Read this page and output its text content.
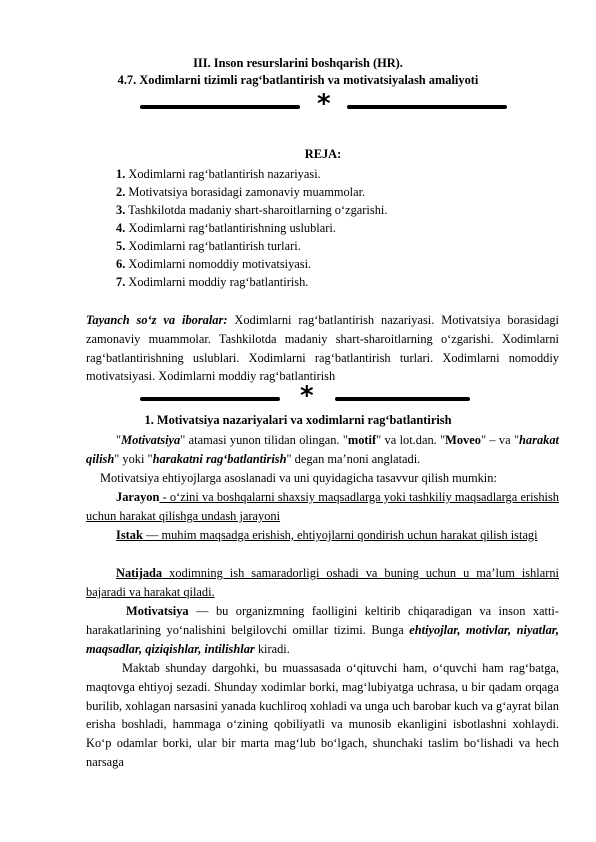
III. Inson resurslarini boshqarish (HR).
4.7. Xodimlarni tizimli rag‘batlantirish va motivatsiyalash amaliyoti
*
REJA:
1. Xodimlarni rag‘batlantirish nazariyasi.
2. Motivatsiya borasidagi zamonaviy muammolar.
3. Tashkilotda madaniy shart-sharoitlarning o‘zgarishi.
4. Xodimlarni rag‘batlantirishning uslublari.
5. Xodimlarni rag‘batlantirish turlari.
6. Xodimlarni nomoddiy motivatsiyasi.
7. Xodimlarni moddiy rag‘batlantirish.

Tayanch so‘z va iboralar: Xodimlarni rag‘batlantirish nazariyasi. Motivatsiya borasidagi zamonaviy muammolar. Tashkilotda madaniy shart-sharoitlarning o‘zgarishi. Xodimlarni rag‘batlantirishning uslublari. Xodimlarni rag‘batlantirish turlari. Xodimlarni nomoddiy motivatsiyasi. Xodimlarni moddiy rag‘batlantirish

*
1. Motivatsiya nazariyalari va xodimlarni rag‘batlantirish

"Motivatsiya" atamasi yunon tilidan olingan. "motif" va lot.dan. "Moveo" – va "harakat qilish" yoki "harakatni rag‘batlantirish" degan ma’noni anglatadi.

Motivatsiya ehtiyojlarga asoslanadi va uni quyidagicha tasavvur qilish mumkin:

Jarayon - o‘zini va boshqalarni shaxsiy maqsadlarga yoki tashkiliy maqsadlarga erishish uchun harakat qilishga undash jarayoni

Istak — muhim maqsadga erishish, ehtiyojlarni qondirish uchun harakat qilish istagi

Natijada xodimning ish samaradorligi oshadi va buning uchun u ma’lum ishlarni bajaradi va harakat qiladi.

Motivatsiya — bu organizmning faolligini keltirib chiqaradigan va inson xatti-harakatlarining yo‘nalishini belgilovchi omillar tizimi. Bunga ehtiyojlar, motivlar, niyatlar, maqsadlar, qiziqishlar, intilishlar kiradi.

Maktab shunday dargohki, bu muassasada o‘qituvchi ham, o‘quvchi ham rag‘batga, maqtovga ehtiyoj sezadi. Shunday xodimlar borki, mag‘lubiyatga uchrasa, u bir qadam orqaga burilib, xohlagan narsasini yanada kuchliroq xohladi va unga uch barobar kuch va g‘ayrat bilan erisha boshladi, hammaga o‘zining qobiliyatli va munosib ekanligini isbotlashni xohlaydi. Ko‘p odamlar borki, ular bir marta mag‘lub bo‘lgach, shunchaki taslim bo‘lishadi va hech narsaga
